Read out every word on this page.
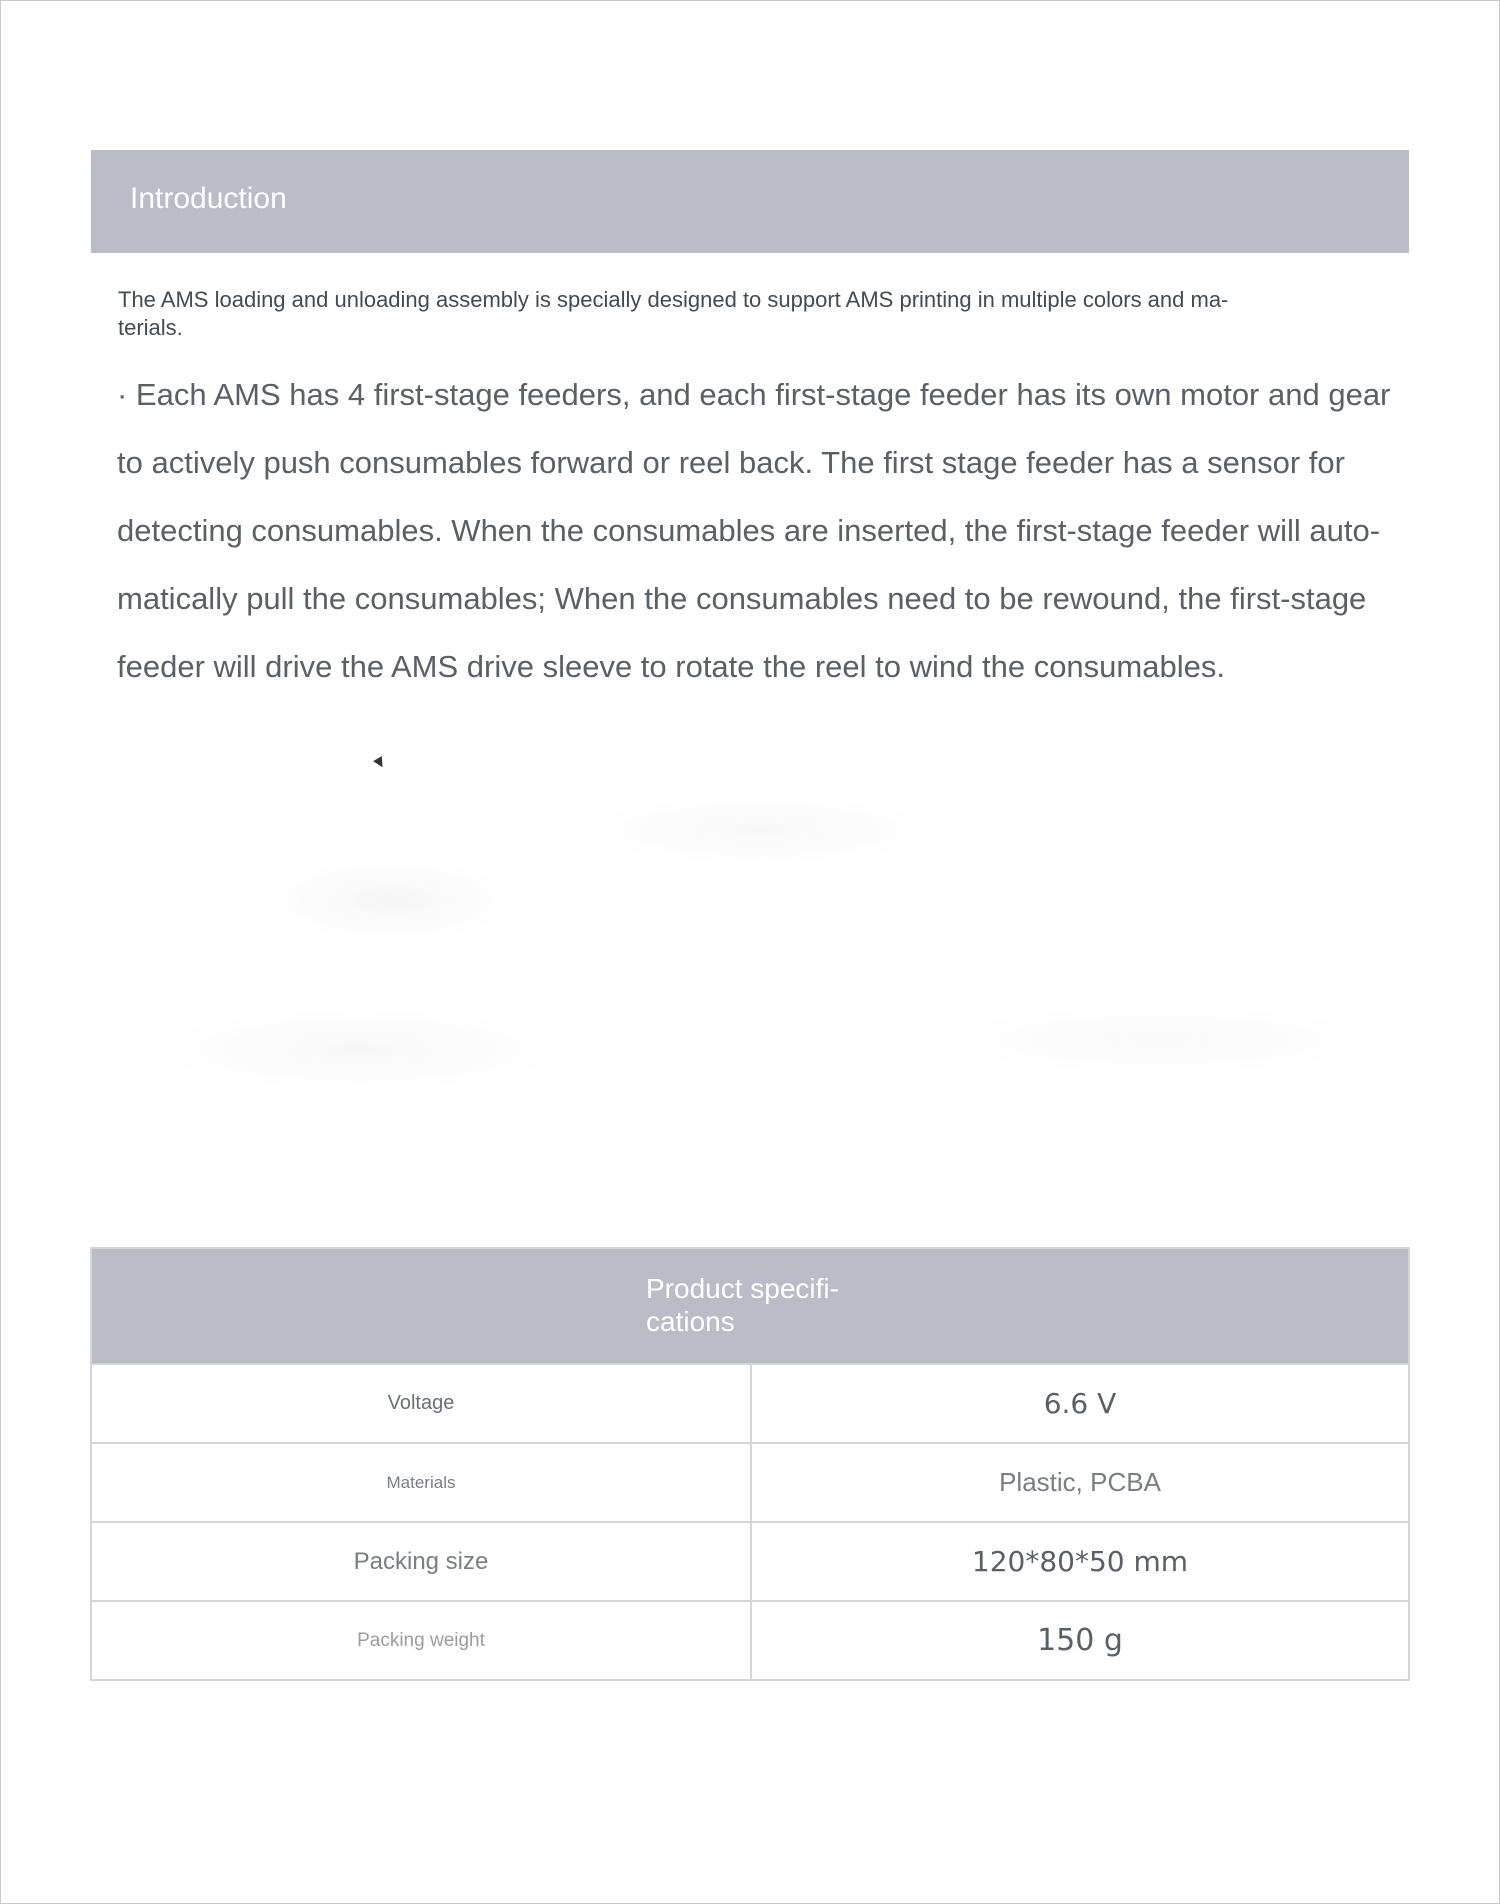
Introduction
The AMS loading and unloading assembly is specially designed to support AMS printing in multiple colors and ma-
terials.
· Each AMS has 4 first-stage feeders, and each first-stage feeder has its own motor and gear
to actively push consumables forward or reel back. The first stage feeder has a sensor for
detecting consumables. When the consumables are inserted, the first-stage feeder will auto-
matically pull the consumables; When the consumables need to be rewound, the first-stage
feeder will drive the AMS drive sleeve to rotate the reel to wind the consumables.
Product specifi-
cations
Voltage	6.6 V
Materials	Plastic, PCBA
Packing size	120*80*50 mm
Packing weight	150 g
